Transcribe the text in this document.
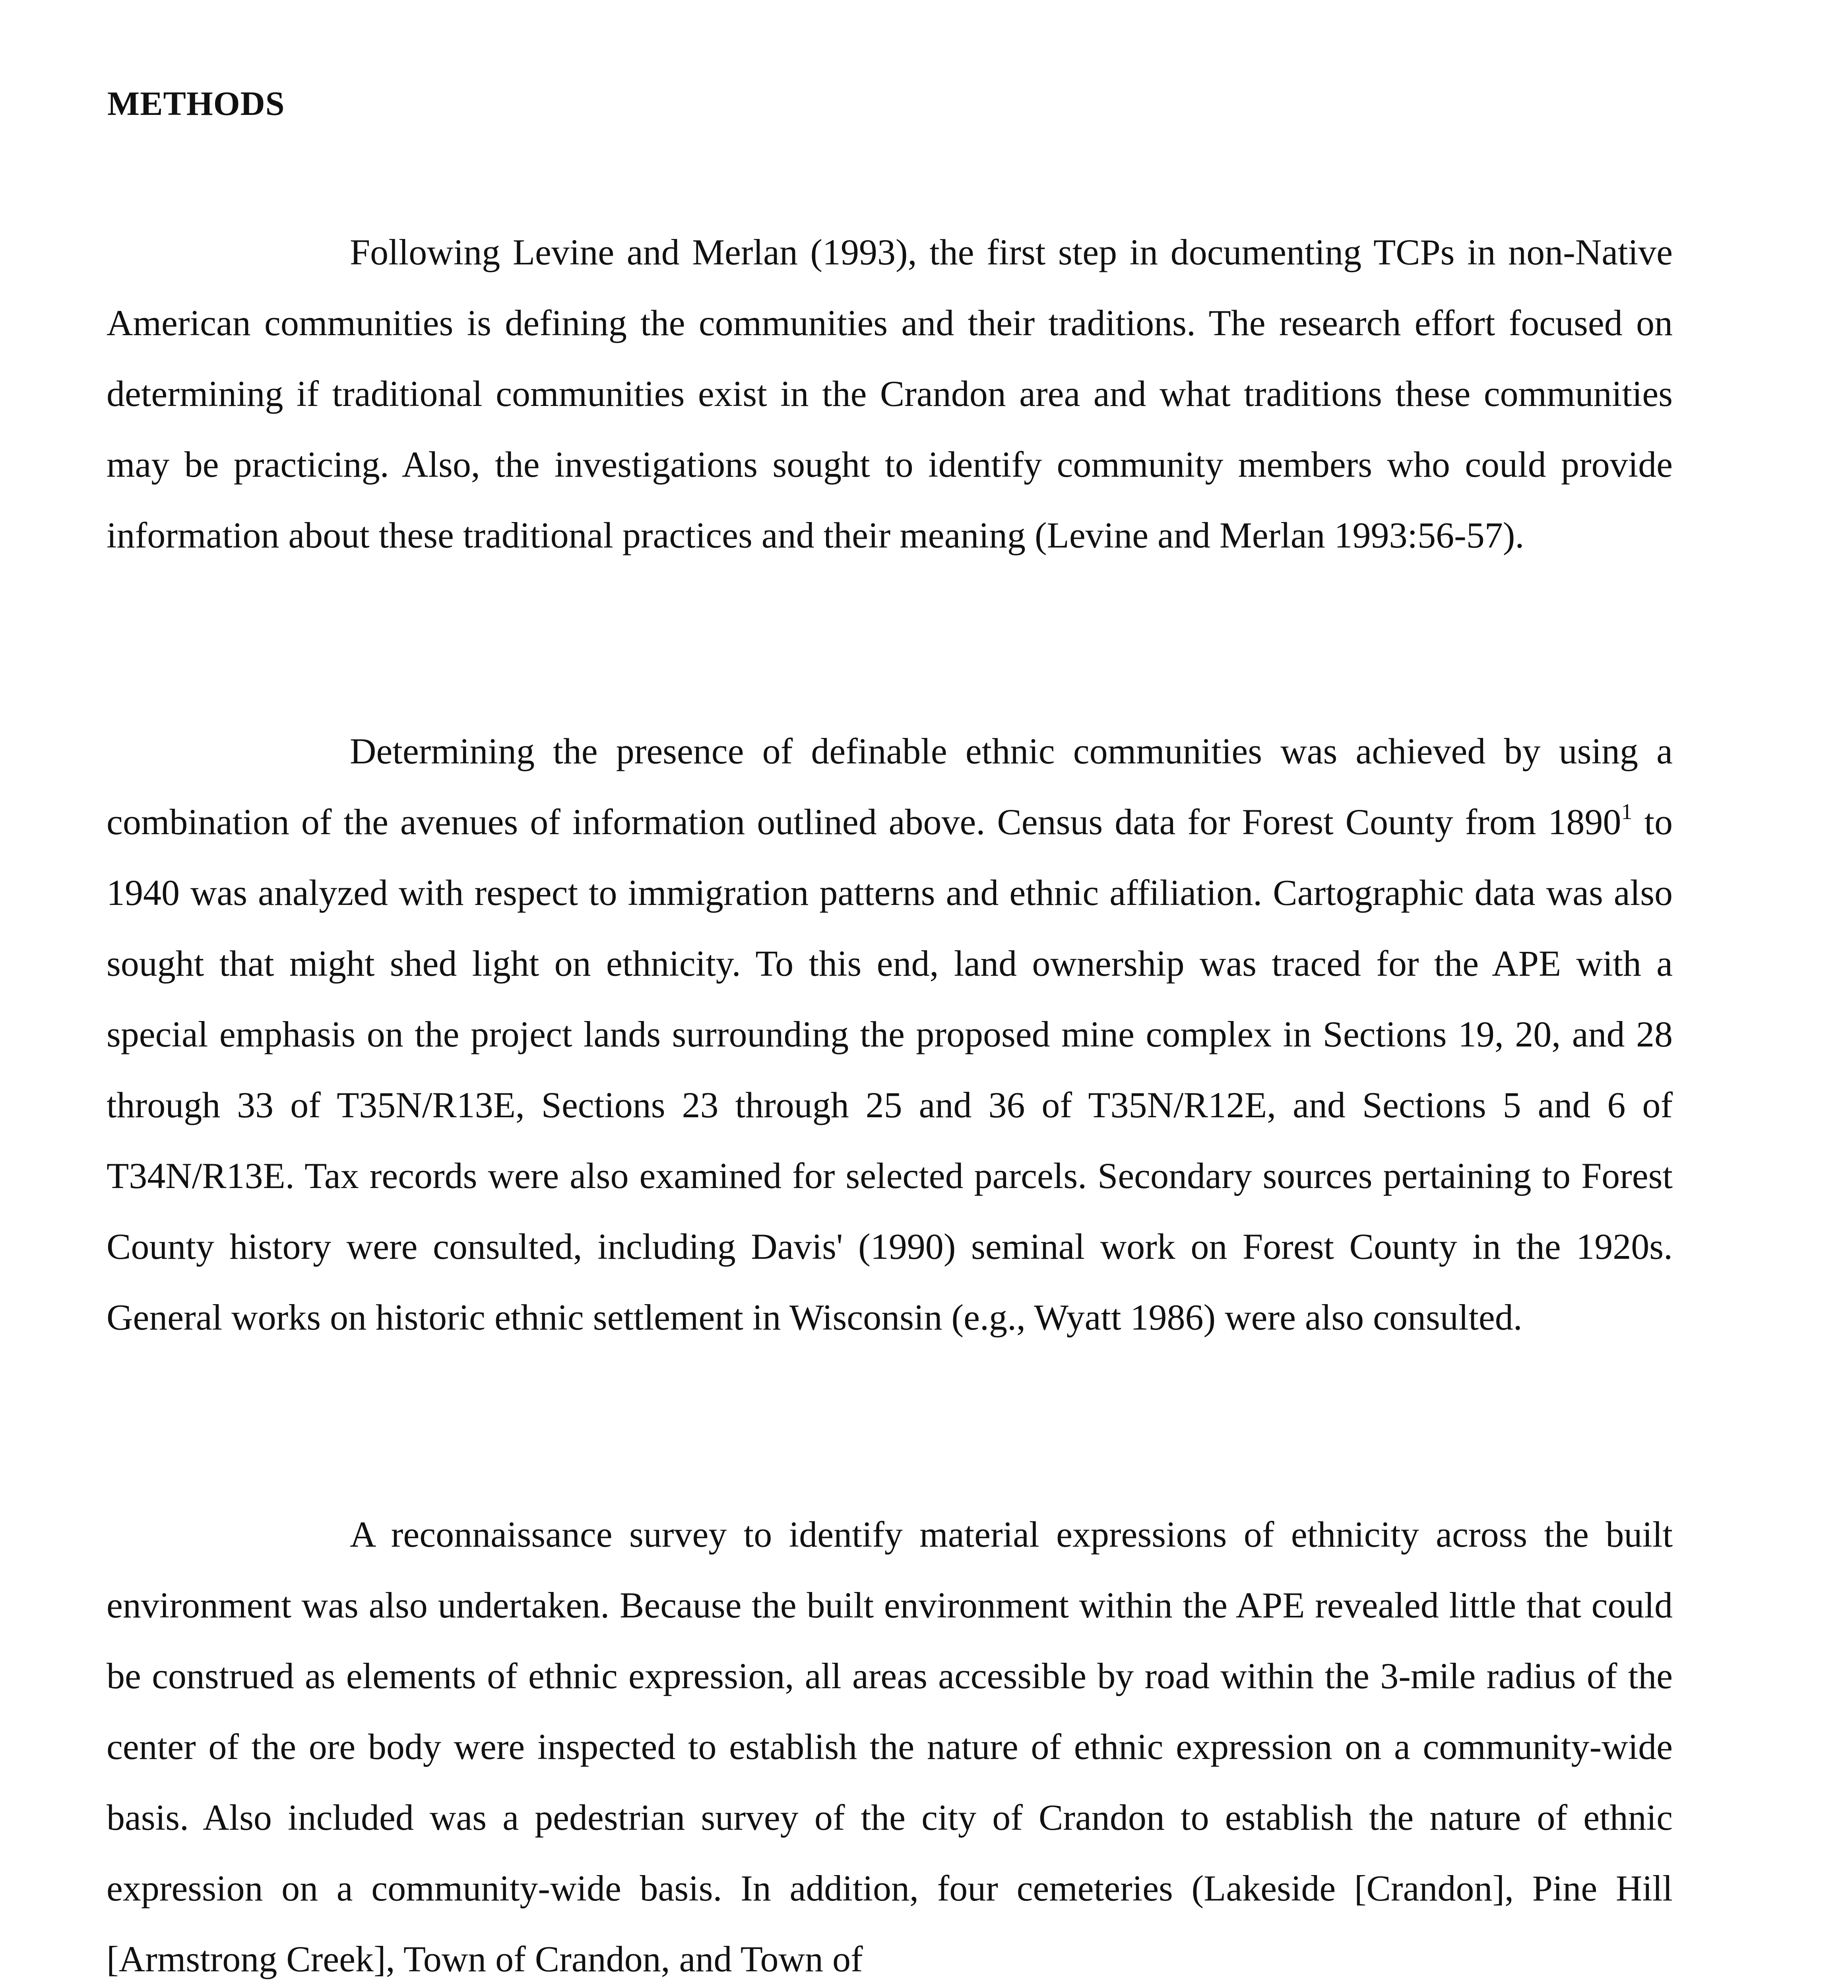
METHODS

Following Levine and Merlan (1993), the first step in documenting TCPs in non-Native American communities is defining the communities and their traditions. The research effort focused on determining if traditional communities exist in the Crandon area and what traditions these communities may be practicing. Also, the investigations sought to identify community members who could provide information about these traditional practices and their meaning (Levine and Merlan 1993:56-57).

Determining the presence of definable ethnic communities was achieved by using a combination of the avenues of information outlined above. Census data for Forest County from 1890$^1$ to 1940 was analyzed with respect to immigration patterns and ethnic affiliation. Cartographic data was also sought that might shed light on ethnicity. To this end, land ownership was traced for the APE with a special emphasis on the project lands surrounding the proposed mine complex in Sections 19, 20, and 28 through 33 of T35N/R13E, Sections 23 through 25 and 36 of T35N/R12E, and Sections 5 and 6 of T34N/R13E. Tax records were also examined for selected parcels. Secondary sources pertaining to Forest County history were consulted, including Davis' (1990) seminal work on Forest County in the 1920s. General works on historic ethnic settlement in Wisconsin (e.g., Wyatt 1986) were also consulted.

A reconnaissance survey to identify material expressions of ethnicity across the built environment was also undertaken. Because the built environment within the APE revealed little that could be construed as elements of ethnic expression, all areas accessible by road within the 3-mile radius of the center of the ore body were inspected to establish the nature of ethnic expression on a community-wide basis. Also included was a pedestrian survey of the city of Crandon to establish the nature of ethnic expression on a community-wide basis. In addition, four cemeteries (Lakeside [Crandon], Pine Hill [Armstrong Creek], Town of Crandon, and Town of
